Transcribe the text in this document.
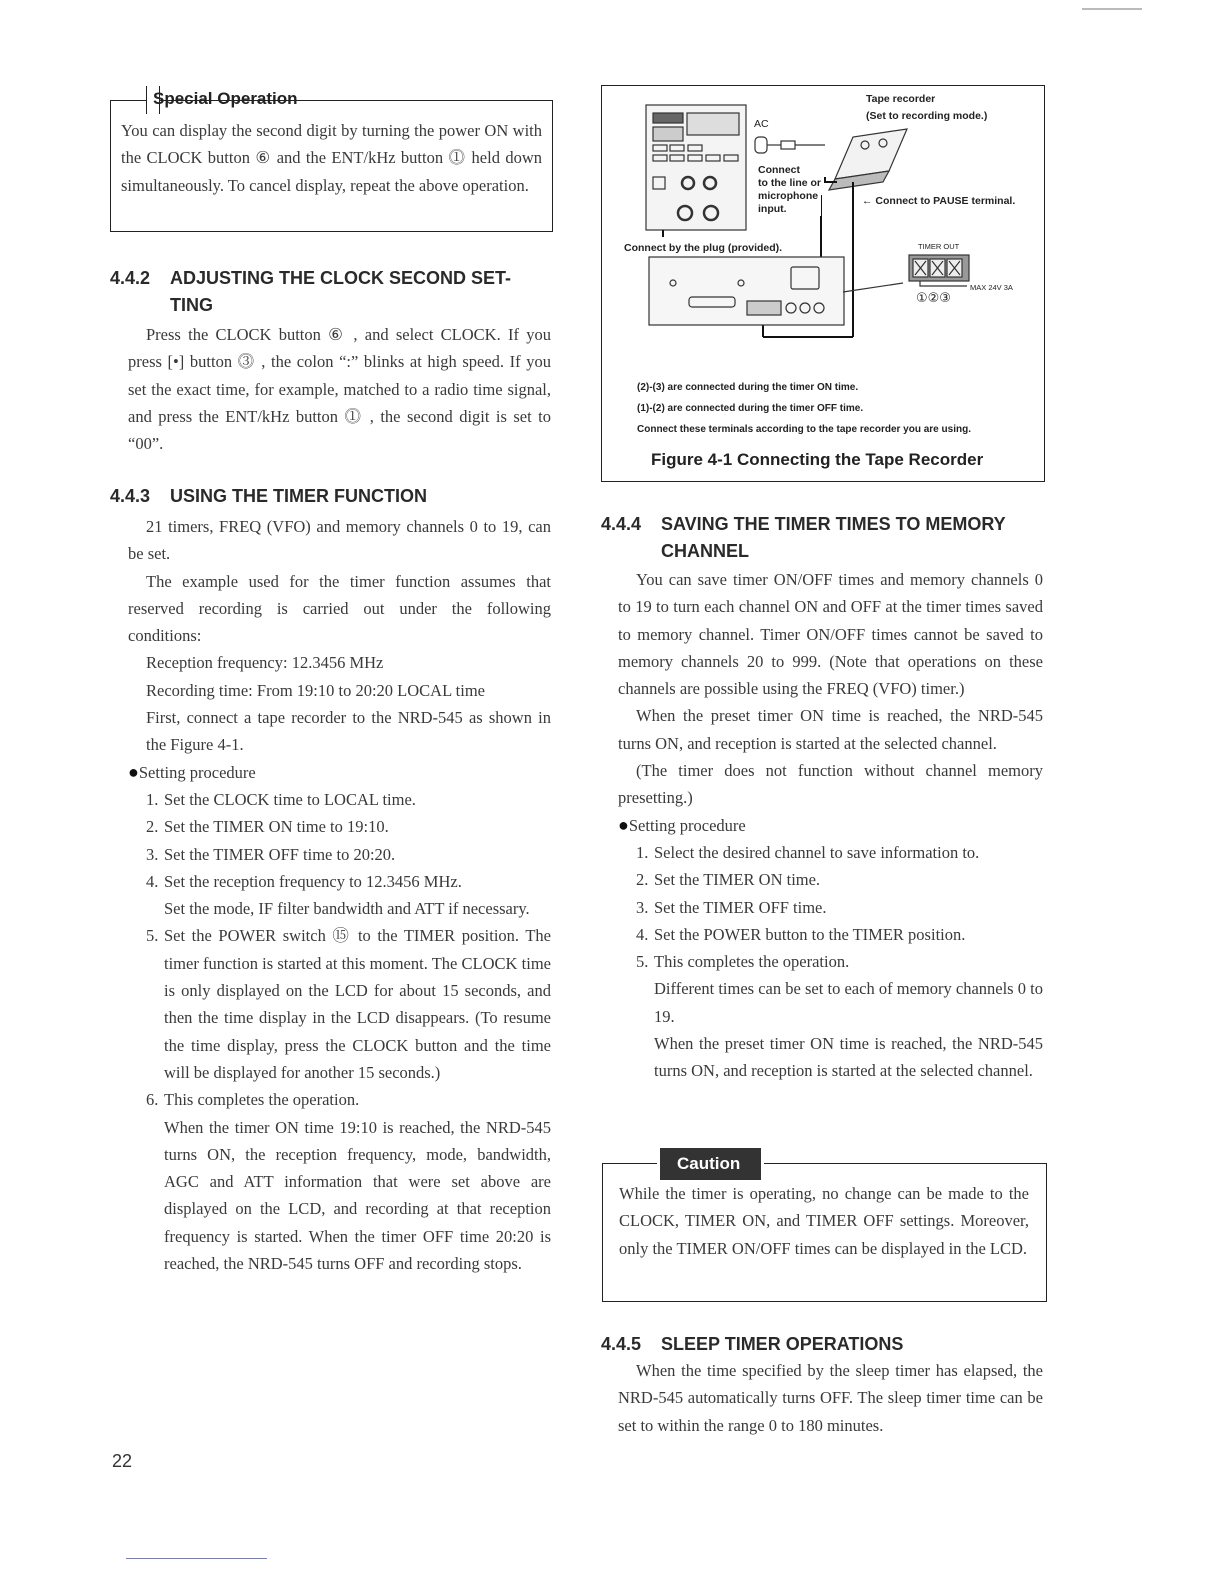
Special Operation
You can display the second digit by turning the power ON with the CLOCK button ⑥ and the ENT/kHz button ⓵ held down simultaneously. To cancel display, repeat the above operation.
4.4.2 ADJUSTING THE CLOCK SECOND SET-
TING
Press the CLOCK button ⑥ , and select CLOCK. If you press [•] button ⓷ , the colon “:” blinks at high speed. If you set the exact time, for example, matched to a radio time signal, and press the ENT/kHz button ⓵ , the second digit is set to “00”.
4.4.3 USING THE TIMER FUNCTION

21 timers, FREQ (VFO) and memory channels 0 to 19, can be set.

The example used for the timer function assumes that reserved recording is carried out under the following conditions:

Reception frequency: 12.3456 MHz

Recording time: From 19:10 to 20:20 LOCAL time

First, connect a tape recorder to the NRD-545 as shown in the Figure 4-1.

●Setting procedure

1. Set the CLOCK time to LOCAL time.
2. Set the TIMER ON time to 19:10.
3. Set the TIMER OFF time to 20:20.
4. Set the reception frequency to 12.3456 MHz.
Set the mode, IF filter bandwidth and ATT if necessary.
5. Set the POWER switch ⑮ to the TIMER position. The timer function is started at this moment. The CLOCK time is only displayed on the LCD for about 15 seconds, and then the time display in the LCD disappears. (To resume the time display, press the CLOCK button and the time will be displayed for another 15 seconds.)
6. This completes the operation.
When the timer ON time 19:10 is reached, the NRD-545 turns ON, the reception frequency, mode, bandwidth, AGC and ATT information that were set above are displayed on the LCD, and recording at that reception frequency is started. When the timer OFF time 20:20 is reached, the NRD-545 turns OFF and recording stops.
Tape recorder
(Set to recording mode.)
AC
Connect
to the line or
microphone
input.
← Connect to PAUSE terminal.
Connect by the plug (provided).	TIMER OUT
MAX 24V 3A
①②③
(2)-(3) are connected during the timer ON time.
(1)-(2) are connected during the timer OFF time.
Connect these terminals according to the tape recorder you are using.
Figure 4-1 Connecting the Tape Recorder
4.4.4 SAVING THE TIMER TIMES TO MEMORY
CHANNEL

You can save timer ON/OFF times and memory channels 0 to 19 to turn each channel ON and OFF at the timer times saved to memory channel. Timer ON/OFF times cannot be saved to memory channels 20 to 999. (Note that operations on these channels are possible using the FREQ (VFO) timer.)

When the preset timer ON time is reached, the NRD-545 turns ON, and reception is started at the selected channel.

(The timer does not function without channel memory presetting.)

●Setting procedure

1. Select the desired channel to save information to.
2. Set the TIMER ON time.
3. Set the TIMER OFF time.
4. Set the POWER button to the TIMER position.
5. This completes the operation.
Different times can be set to each of memory channels 0 to 19.
When the preset timer ON time is reached, the NRD-545 turns ON, and reception is started at the selected channel.
Caution
While the timer is operating, no change can be made to the CLOCK, TIMER ON, and TIMER OFF settings. Moreover, only the TIMER ON/OFF times can be displayed in the LCD.
4.4.5 SLEEP TIMER OPERATIONS
When the time specified by the sleep timer has elapsed, the NRD-545 automatically turns OFF. The sleep timer time can be set to within the range 0 to 180 minutes.
22
